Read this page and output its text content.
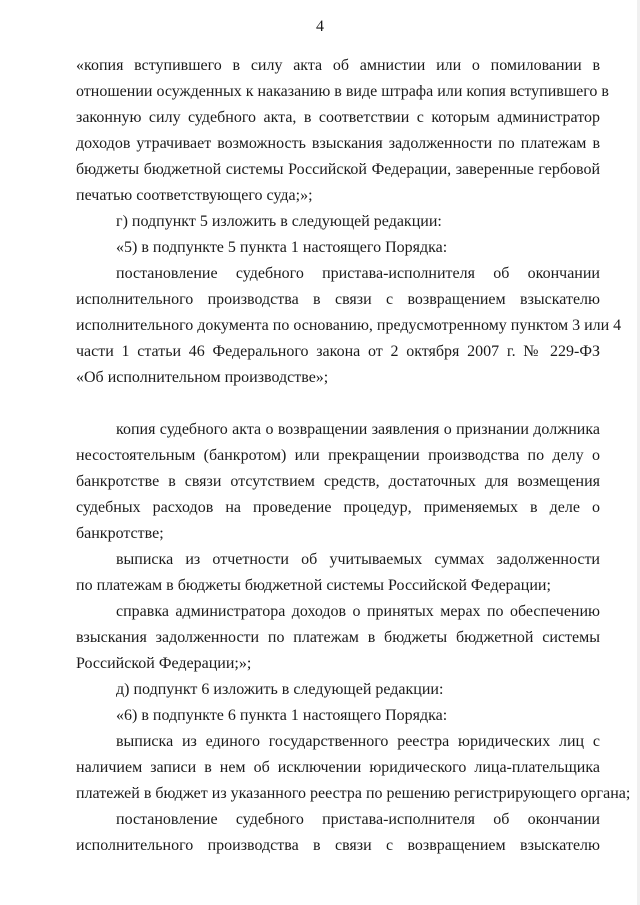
4

«копия вступившего в силу акта об амнистии или о помиловании в

отношении осужденных к наказанию в виде штрафа или копия вступившего в

законную силу судебного акта, в соответствии с которым администратор

доходов утрачивает возможность взыскания задолженности по платежам в

бюджеты бюджетной системы Российской Федерации, заверенные гербовой

печатью соответствующего суда;»;

г) подпункт 5 изложить в следующей редакции:

«5) в подпункте 5 пункта 1 настоящего Порядка:

постановление судебного пристава-исполнителя об окончании

исполнительного производства в связи с возвращением взыскателю

исполнительного документа по основанию, предусмотренному пунктом 3 или 4

части 1 статьи 46 Федерального закона от 2 октября 2007 г. № 229-ФЗ

«Об исполнительном производстве»;

копия судебного акта о возвращении заявления о признании должника

несостоятельным (банкротом) или прекращении производства по делу о

банкротстве в связи отсутствием средств, достаточных для возмещения

судебных расходов на проведение процедур, применяемых в деле о

банкротстве;

выписка из отчетности об учитываемых суммах задолженности

по платежам в бюджеты бюджетной системы Российской Федерации;

справка администратора доходов о принятых мерах по обеспечению

взыскания задолженности по платежам в бюджеты бюджетной системы

Российской Федерации;»;

д) подпункт 6 изложить в следующей редакции:

«6) в подпункте 6 пункта 1 настоящего Порядка:

выписка из единого государственного реестра юридических лиц с

наличием записи в нем об исключении юридического лица-плательщика

платежей в бюджет из указанного реестра по решению регистрирующего органа;

постановление судебного пристава-исполнителя об окончании

исполнительного производства в связи с возвращением взыскателю
